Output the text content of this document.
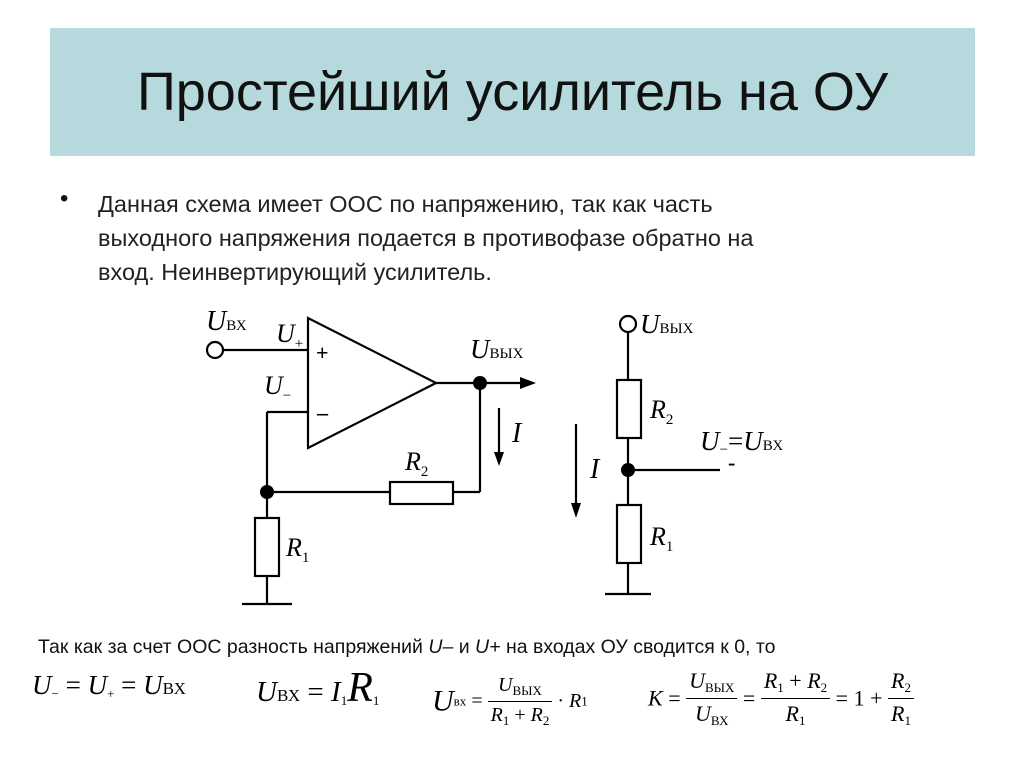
Простейший усилитель на ОУ
• Данная схема имеет ООС по напряжению, так как часть
выходного напряжения подается в противофазе обратно на
вход. Неинвертирующий усилитель.
UВХ $U_+$
$U_-$
+
–
UВЫХ
I
$R_2$
$R_1$
UВЫХ
$R_2$
U−=UВХ
-
I
$R_1$
Так как за счет ООС разность напряжений U– и U+ на входах ОУ сводится к 0, то
U− = U+ = UВХ UВХ = I1R1 Uвх = $\frac{U_{ВЫХ}}{R_1 + R_2} \cdot R1$	$K = \frac{\text{UВЫХ}}{\text{UВХ}} = \frac{R1 + R2}{R1} = 1 + \frac{R2}{R1}$
